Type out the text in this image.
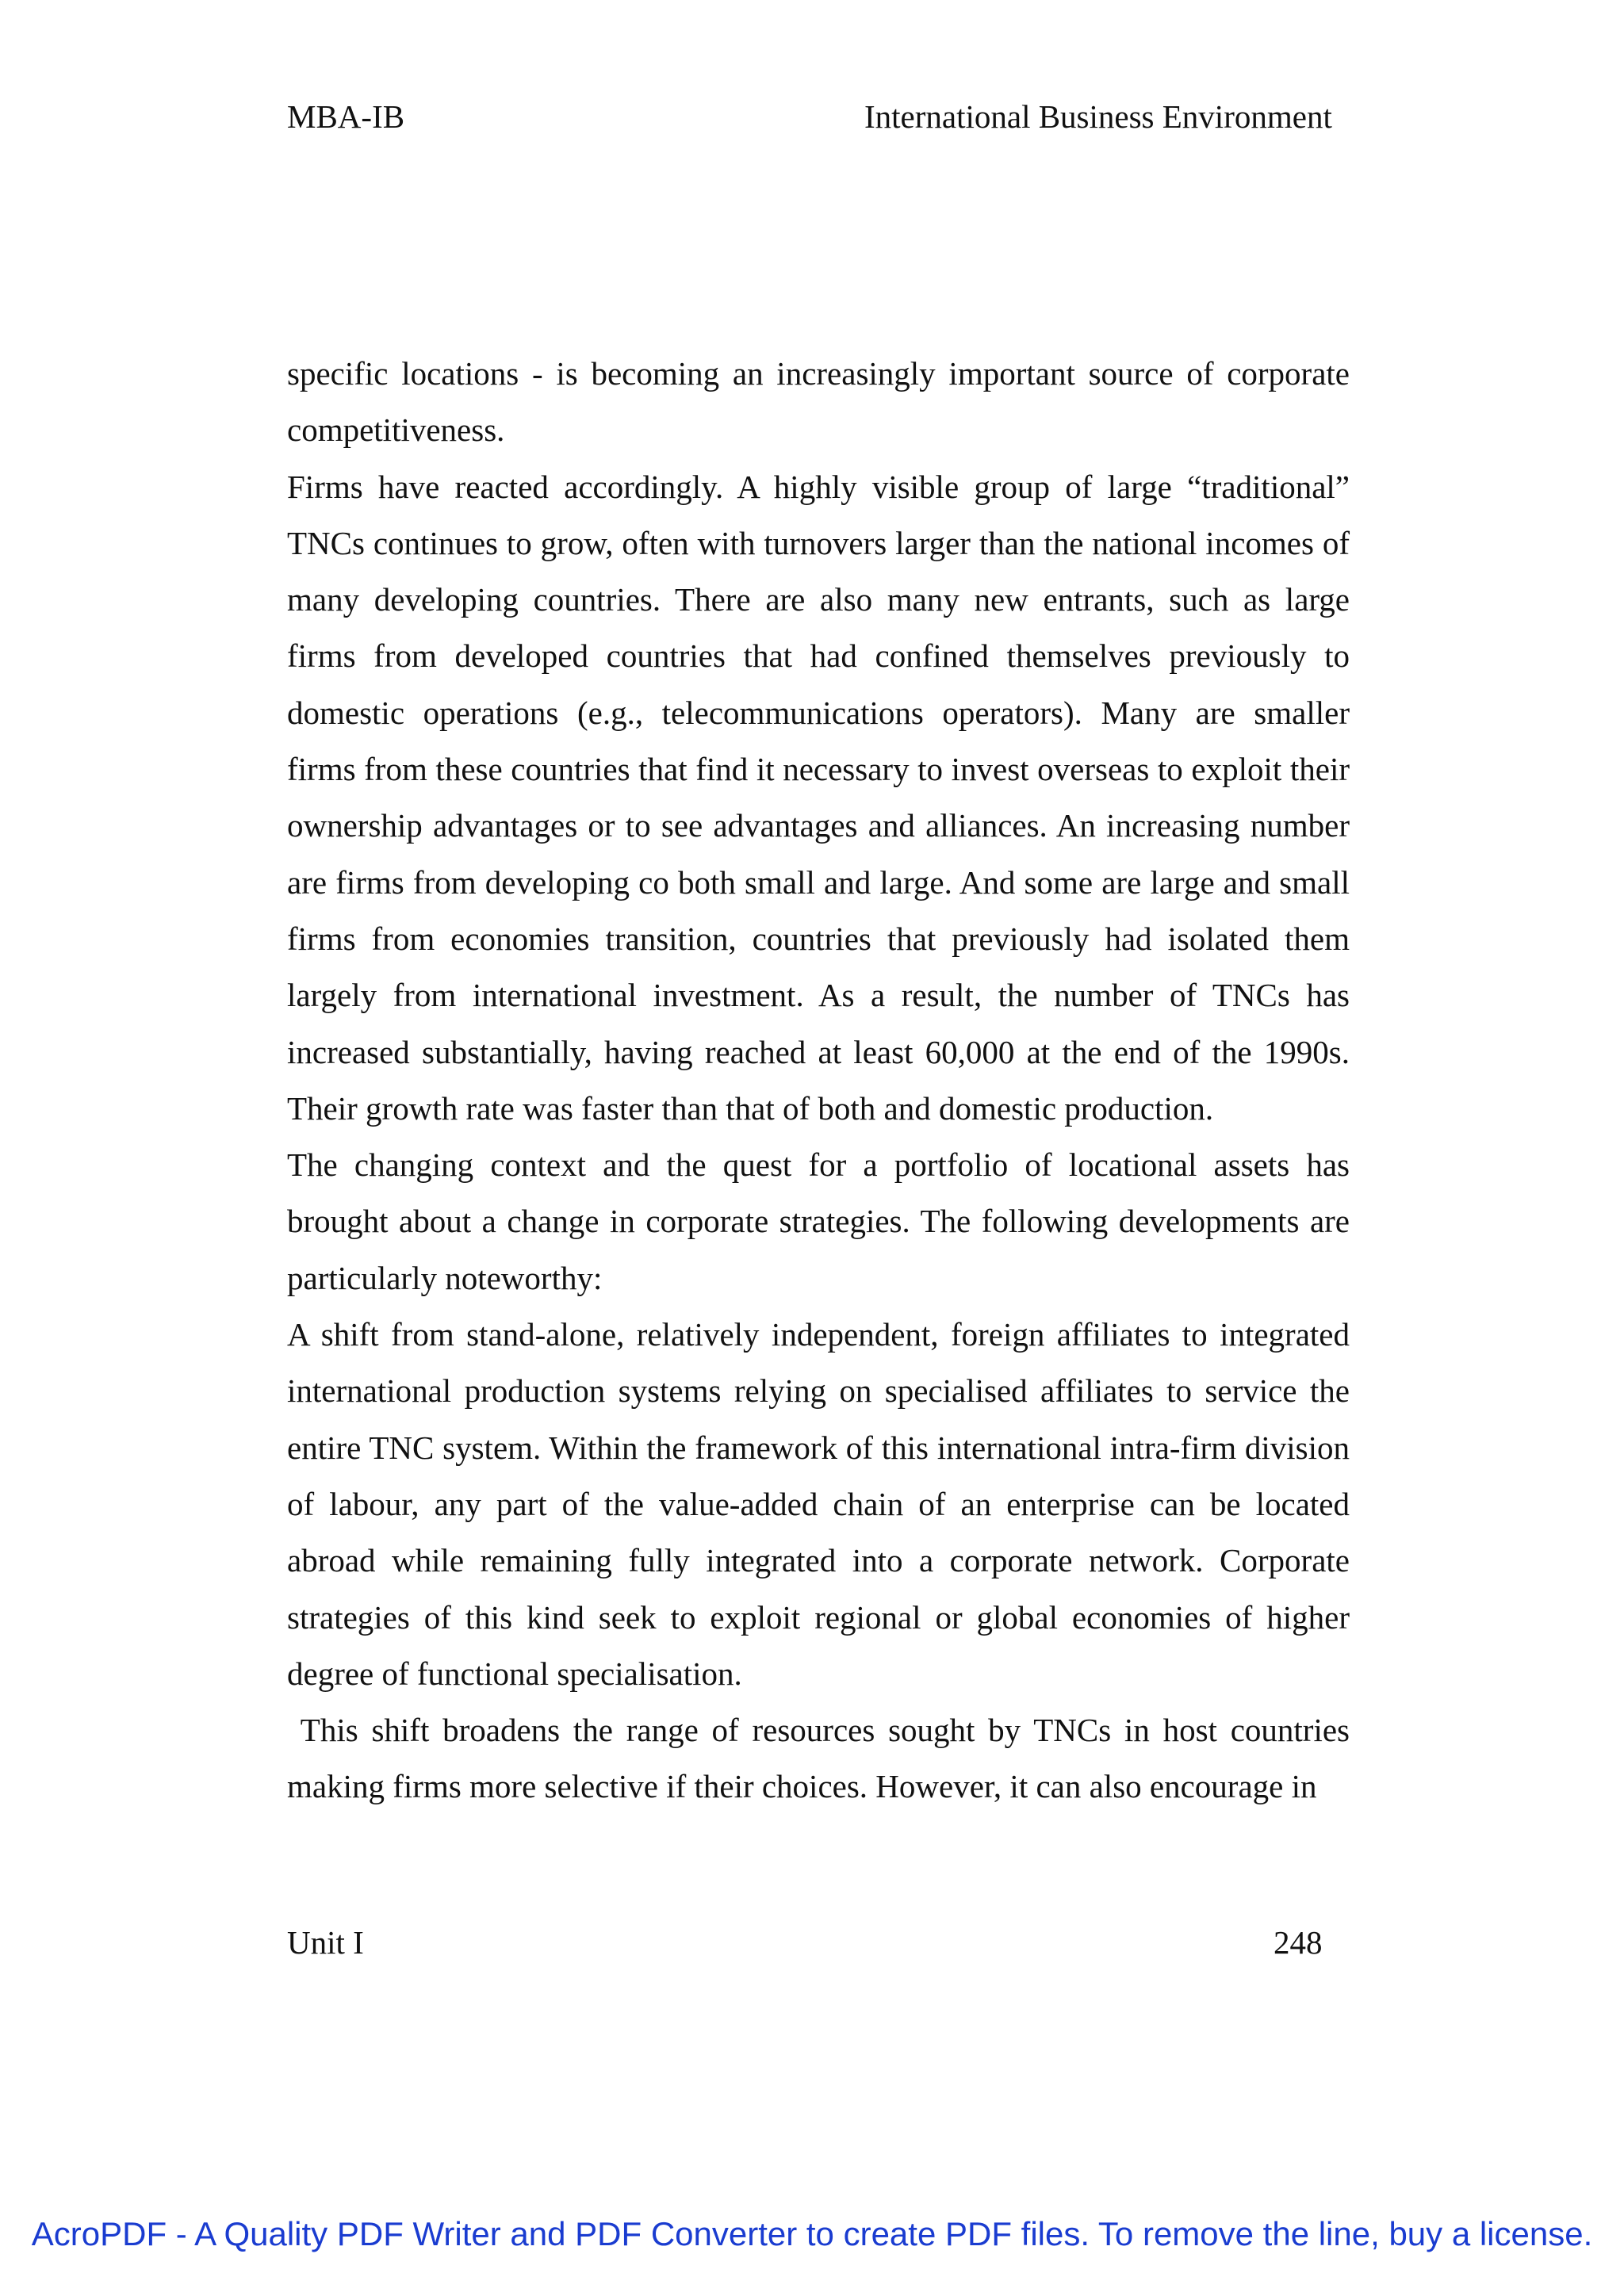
MBA-IB	International Business Environment

specific locations - is becoming an increasingly important source of corporate competitiveness.

Firms have reacted accordingly. A highly visible group of large “traditional” TNCs continues to grow, often with turnovers larger than the national incomes of many developing countries. There are also many new entrants, such as large firms from developed countries that had confined themselves previously to domestic operations (e.g., telecommunications operators). Many are smaller firms from these countries that find it necessary to invest overseas to exploit their ownership advantages or to see advantages and alliances. An increasing number are firms from developing co both small and large. And some are large and small firms from economies transition, countries that previously had isolated them largely from international investment. As a result, the number of TNCs has increased substantially, having reached at least 60,000 at the end of the 1990s. Their growth rate was faster than that of both and domestic production.

The changing context and the quest for a portfolio of locational assets has brought about a change in corporate strategies. The following developments are particularly noteworthy:

A shift from stand-alone, relatively independent, foreign affiliates to integrated international production systems relying on specialised affiliates to service the entire TNC system. Within the framework of this international intra-firm division of labour, any part of the value-added chain of an enterprise can be located abroad while remaining fully integrated into a corporate network. Corporate strategies of this kind seek to exploit regional or global economies of higher degree of functional specialisation.

This shift broadens the range of resources sought by TNCs in host countries making firms more selective if their choices. However, it can also encourage in

Unit I	248
AcroPDF - A Quality PDF Writer and PDF Converter to create PDF files. To remove the line, buy a license.
